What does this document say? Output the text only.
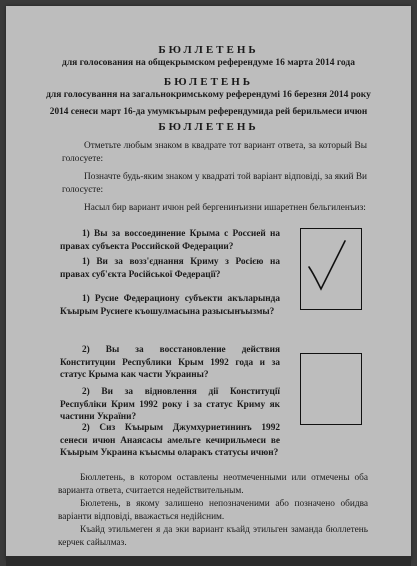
БЮЛЛЕТЕНЬ
для голосования на общекрымском референдуме 16 марта 2014 года
БЮЛЕТЕНЬ
для голосування на загальнокримському референдумі 16 березня 2014 року
2014 сенеси март 16-да умумкъырым референдумида рей берильмеси ичюн
БЮЛЛЕТЕНЬ
Отметьте любым знаком в квадрате тот вариант ответа, за который Вы голосуете:
Позначте будь-яким знаком у квадраті той варіант відповіді, за який Ви голосуєте:
Насыл бир вариант ичюн рей бергенинъизни ишаретнен бельгиленъиз:
1) Вы за воссоединение Крыма с Россией на правах субъекта Российской Федерации?
1) Ви за возз'єднання Криму з Росією на правах суб'єкта Російської Федерації?
1) Русие Федерациону субъекти акъларында Къырым Русиеге къошулмасына разысынъызмы?
2) Вы за восстановление действия Конституции Республики Крым 1992 года и за статус Крыма как части Украины?
2) Ви за відновлення дії Конституції Республіки Крим 1992 року і за статус Криму як частини України?
2) Сиз Къырым Джумхуриетининъ 1992 сенеси ичюн Анаясасы амельге кечирильмеси ве Къырым Украина къысмы оларакъ статусы ичюн?
Бюллетень, в котором оставлены неотмеченными или отмечены оба варианта ответа, считается недействительным.
Бюлетень, в якому залишено непозначеними або позначено обидва варіанти відповіді, вважається недійсним.
Къайд этильмеген я да эки вариант къайд этильген заманда бюллетень керчек сайылмаз.
